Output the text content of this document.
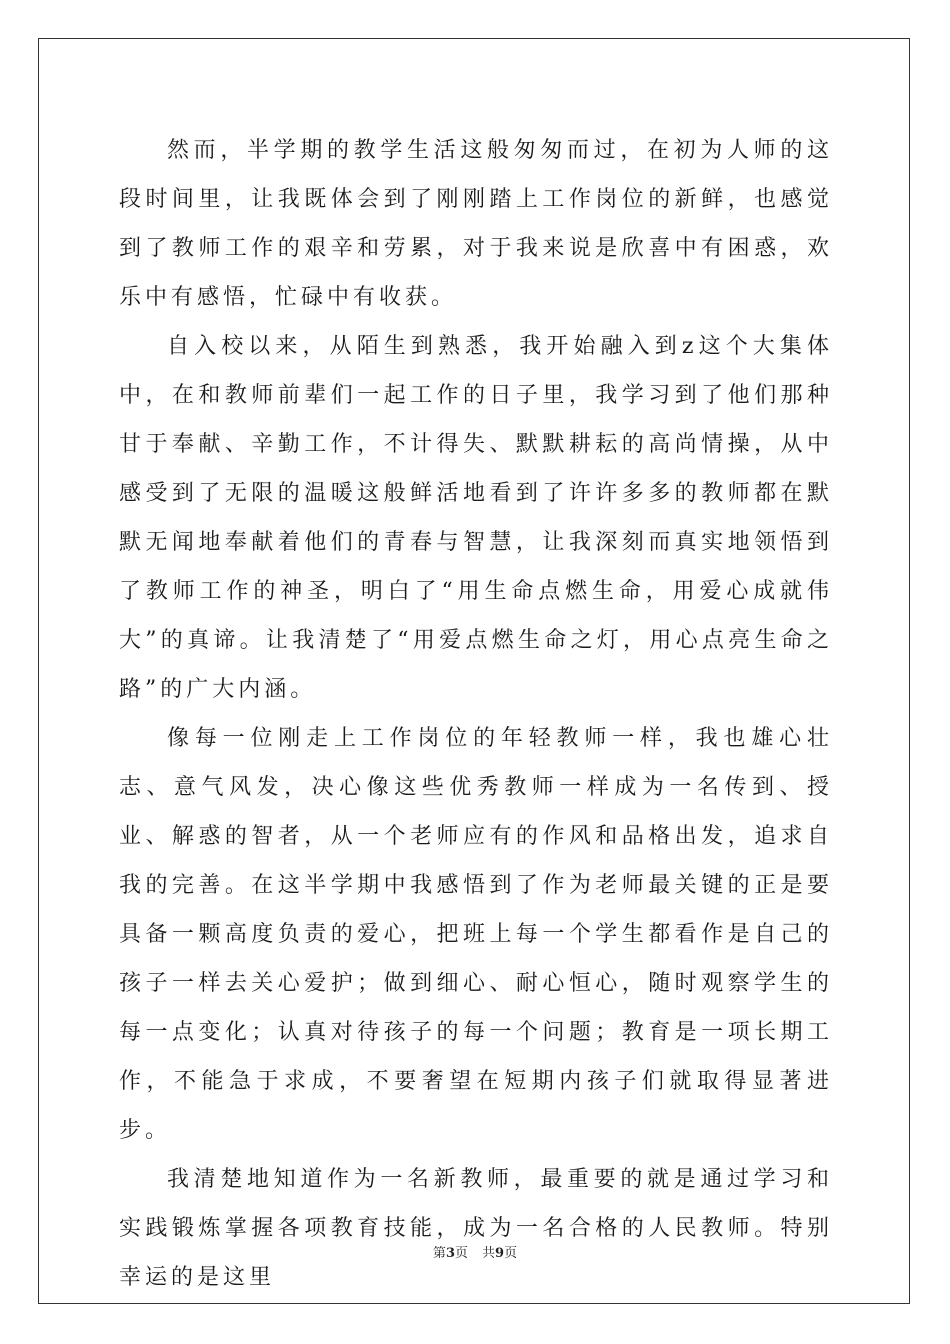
然而，半学期的教学生活这般匆匆而过，在初为人师的这段时间里，让我既体会到了刚刚踏上工作岗位的新鲜，也感觉到了教师工作的艰辛和劳累，对于我来说是欣喜中有困惑，欢乐中有感悟，忙碌中有收获。

自入校以来，从陌生到熟悉，我开始融入到z这个大集体中，在和教师前辈们一起工作的日子里，我学习到了他们那种甘于奉献、辛勤工作，不计得失、默默耕耘的高尚情操，从中感受到了无限的温暖这般鲜活地看到了许许多多的教师都在默默无闻地奉献着他们的青春与智慧，让我深刻而真实地领悟到了教师工作的神圣，明白了“用生命点燃生命，用爱心成就伟大”的真谛。让我清楚了“用爱点燃生命之灯，用心点亮生命之路”的广大内涵。

像每一位刚走上工作岗位的年轻教师一样，我也雄心壮志、意气风发，决心像这些优秀教师一样成为一名传到、授业、解惑的智者，从一个老师应有的作风和品格出发，追求自我的完善。在这半学期中我感悟到了作为老师最关键的正是要具备一颗高度负责的爱心，把班上每一个学生都看作是自己的孩子一样去关心爱护；做到细心、耐心恒心，随时观察学生的每一点变化；认真对待孩子的每一个问题；教育是一项长期工作，不能急于求成，不要奢望在短期内孩子们就取得显著进步。

我清楚地知道作为一名新教师，最重要的就是通过学习和实践锻炼掌握各项教育技能，成为一名合格的人民教师。特别幸运的是这里

第3页 共9页
